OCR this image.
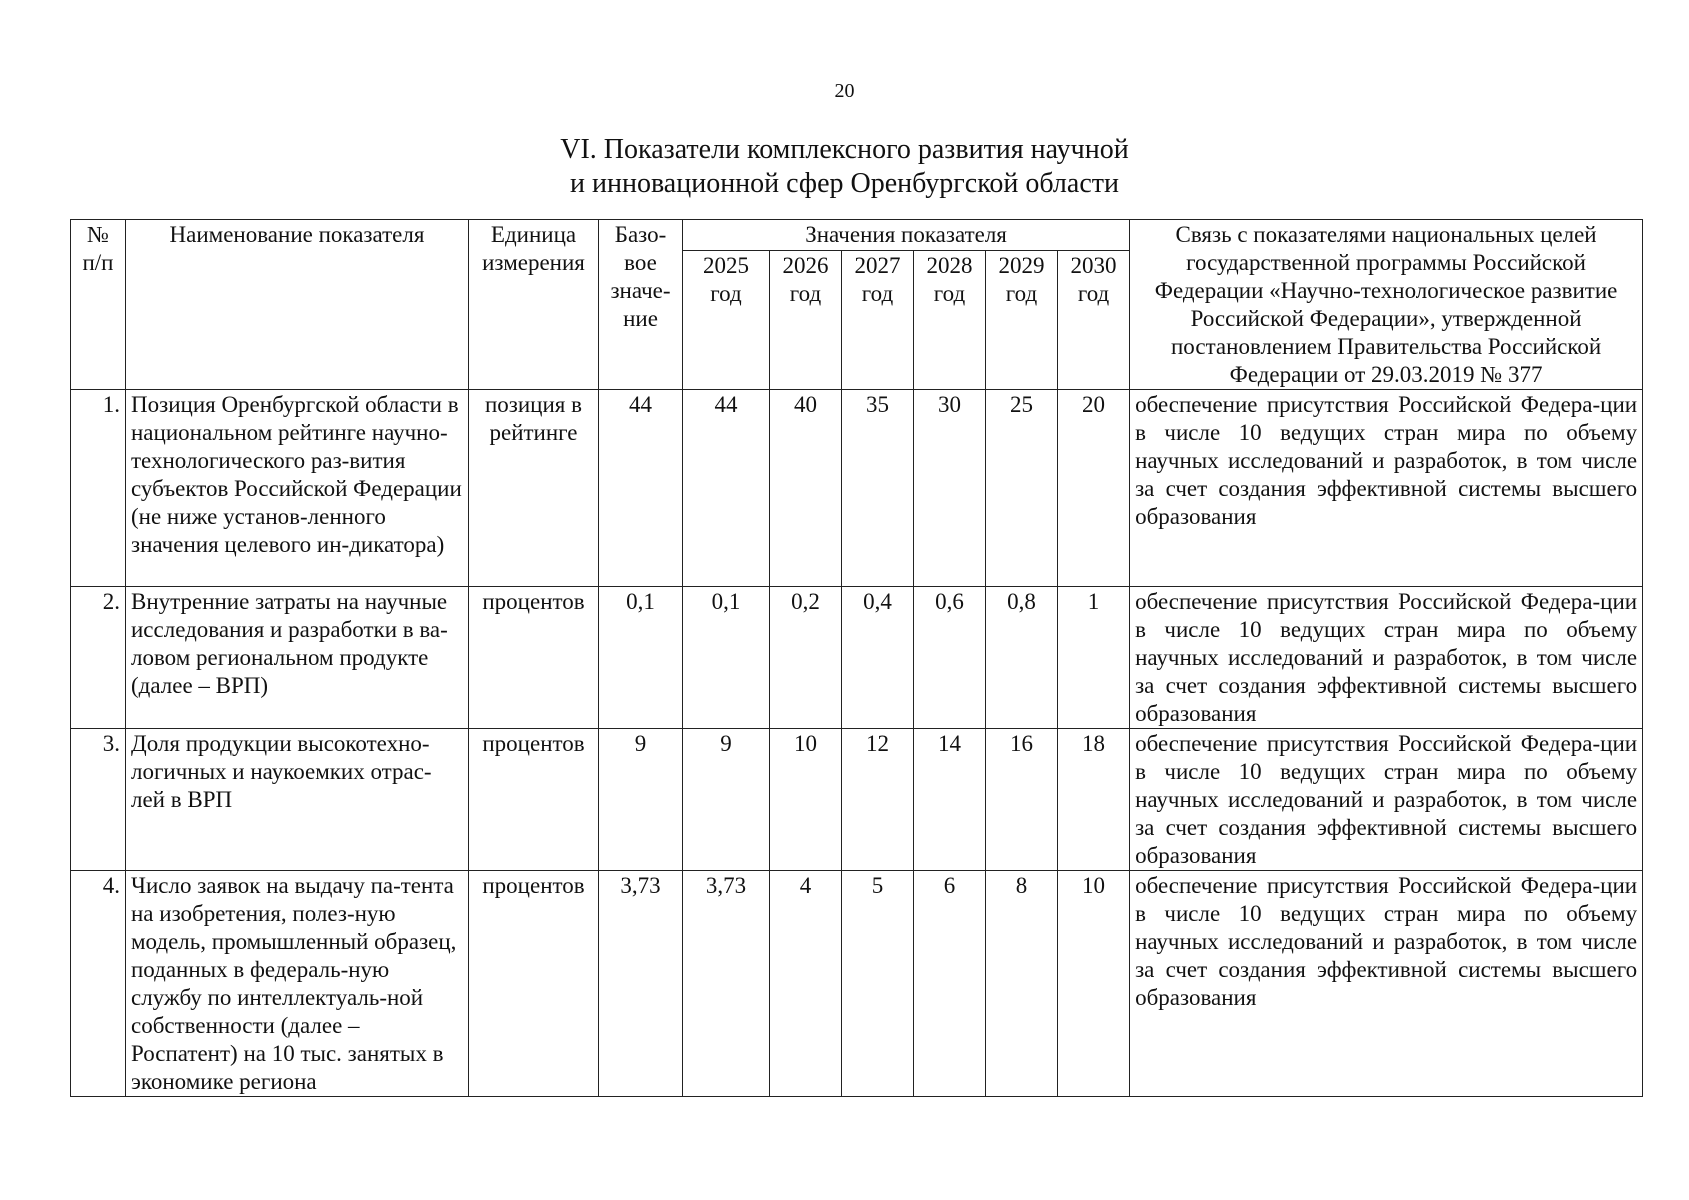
20
VI. Показатели комплексного развития научной
и инновационной сфер Оренбургской области
№ п/п	Наименование показателя	Единица измерения	Базо-вое значе-ние	Значения показателя						Связь с показателями национальных целей государственной программы Российской Федерации «Научно-технологическое развитие Российской Федерации», утвержденной постановлением Правительства Российской Федерации от 29.03.2019 № 377
				2025 год	2026 год	2027 год	2028 год	2029 год	2030 год	
1.	Позиция Оренбургской области в национальном рейтинге научно-технологического раз-вития субъектов Российской Федерации (не ниже установ-ленного значения целевого ин-дикатора)	позиция в рейтинге	44	44	40	35	30	25	20	обеспечение присутствия Российской Федера-ции в числе 10 ведущих стран мира по объему научных исследований и разработок, в том числе за счет создания эффективной системы высшего образования
2.	Внутренние затраты на научные исследования и разработки в ва-ловом региональном продукте (далее – ВРП)	процентов	0,1	0,1	0,2	0,4	0,6	0,8	1	обеспечение присутствия Российской Федера-ции в числе 10 ведущих стран мира по объему научных исследований и разработок, в том числе за счет создания эффективной системы высшего образования
3.	Доля продукции высокотехно-логичных и наукоемких отрас-лей в ВРП	процентов	9	9	10	12	14	16	18	обеспечение присутствия Российской Федера-ции в числе 10 ведущих стран мира по объему научных исследований и разработок, в том числе за счет создания эффективной системы высшего образования
4.	Число заявок на выдачу па-тента на изобретения, полез-ную модель, промышленный образец, поданных в федераль-ную службу по интеллектуаль-ной собственности (далее – Роспатент) на 10 тыс. занятых в экономике региона	процентов	3,73	3,73	4	5	6	8	10	обеспечение присутствия Российской Федера-ции в числе 10 ведущих стран мира по объему научных исследований и разработок, в том числе за счет создания эффективной системы высшего образования
